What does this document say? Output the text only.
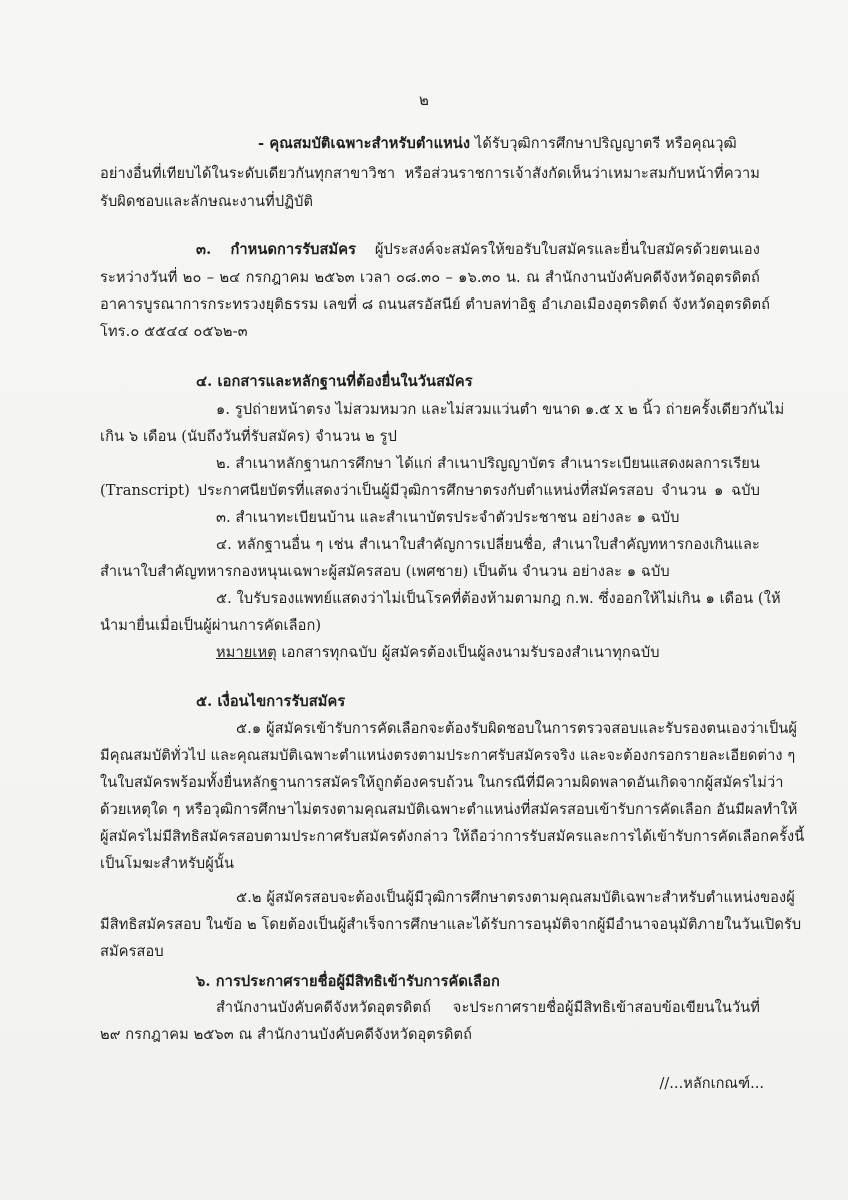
๒
- คุณสมบัติเฉพาะสำหรับตำแหน่ง ได้รับวุฒิการศึกษาปริญญาตรี หรือคุณวุฒิ
อย่างอื่นที่เทียบได้ในระดับเดียวกันทุกสาขาวิชา หรือส่วนราชการเจ้าสังกัดเห็นว่าเหมาะสมกับหน้าที่ความ
รับผิดชอบและลักษณะงานที่ปฏิบัติ
๓. กำหนดการรับสมัคร ผู้ประสงค์จะสมัครให้ขอรับใบสมัครและยื่นใบสมัครด้วยตนเอง
ระหว่างวันที่ ๒๐ – ๒๔ กรกฎาคม ๒๕๖๓ เวลา ๐๘.๓๐ – ๑๖.๓๐ น. ณ สำนักงานบังคับคดีจังหวัดอุตรดิตถ์
อาคารบูรณาการกระทรวงยุติธรรม เลขที่ ๘ ถนนสรอัสนีย์ ตำบลท่าอิฐ อำเภอเมืองอุตรดิตถ์ จังหวัดอุตรดิตถ์
โทร.๐ ๕๕๔๔ ๐๕๖๒-๓
๔. เอกสารและหลักฐานที่ต้องยื่นในวันสมัคร
๑. รูปถ่ายหน้าตรง ไม่สวมหมวก และไม่สวมแว่นตำ ขนาด ๑.๕ x ๒ นิ้ว ถ่ายครั้งเดียวกันไม่
เกิน ๖ เดือน (นับถึงวันที่รับสมัคร) จำนวน ๒ รูป
๒. สำเนาหลักฐานการศึกษา ได้แก่ สำเนาปริญญาบัตร สำเนาระเบียนแสดงผลการเรียน
(Transcript) ประกาศนียบัตรที่แสดงว่าเป็นผู้มีวุฒิการศึกษาตรงกับตำแหน่งที่สมัครสอบ จำนวน ๑ ฉบับ
๓. สำเนาทะเบียนบ้าน และสำเนาบัตรประจำตัวประชาชน อย่างละ ๑ ฉบับ
๔. หลักฐานอื่น ๆ เช่น สำเนาใบสำคัญการเปลี่ยนชื่อ, สำเนาใบสำคัญทหารกองเกินและ
สำเนาใบสำคัญทหารกองหนุนเฉพาะผู้สมัครสอบ (เพศชาย) เป็นต้น จำนวน อย่างละ ๑ ฉบับ
๕. ใบรับรองแพทย์แสดงว่าไม่เป็นโรคที่ต้องห้ามตามกฎ ก.พ. ซึ่งออกให้ไม่เกิน ๑ เดือน (ให้
นำมายื่นเมื่อเป็นผู้ผ่านการคัดเลือก)
หมายเหตุ เอกสารทุกฉบับ ผู้สมัครต้องเป็นผู้ลงนามรับรองสำเนาทุกฉบับ
๕. เงื่อนไขการรับสมัคร
๕.๑ ผู้สมัครเข้ารับการคัดเลือกจะต้องรับผิดชอบในการตรวจสอบและรับรองตนเองว่าเป็นผู้
มีคุณสมบัติทั่วไป และคุณสมบัติเฉพาะตำแหน่งตรงตามประกาศรับสมัครจริง และจะต้องกรอกรายละเอียดต่าง ๆ
ในใบสมัครพร้อมทั้งยื่นหลักฐานการสมัครให้ถูกต้องครบถ้วน ในกรณีที่มีความผิดพลาดอันเกิดจากผู้สมัครไม่ว่า
ด้วยเหตุใด ๆ หรือวุฒิการศึกษาไม่ตรงตามคุณสมบัติเฉพาะตำแหน่งที่สมัครสอบเข้ารับการคัดเลือก อันมีผลทำให้
ผู้สมัครไม่มีสิทธิสมัครสอบตามประกาศรับสมัครดังกล่าว ให้ถือว่าการรับสมัครและการได้เข้ารับการคัดเลือกครั้งนี้
เป็นโมฆะสำหรับผู้นั้น
๕.๒ ผู้สมัครสอบจะต้องเป็นผู้มีวุฒิการศึกษาตรงตามคุณสมบัติเฉพาะสำหรับตำแหน่งของผู้
มีสิทธิสมัครสอบ ในข้อ ๒ โดยต้องเป็นผู้สำเร็จการศึกษาและได้รับการอนุมัติจากผู้มีอำนาจอนุมัติภายในวันเปิดรับ
สมัครสอบ
๖. การประกาศรายชื่อผู้มีสิทธิเข้ารับการคัดเลือก
สำนักงานบังคับคดีจังหวัดอุตรดิตถ์ จะประกาศรายชื่อผู้มีสิทธิเข้าสอบข้อเขียนในวันที่
๒๙ กรกฎาคม ๒๕๖๓ ณ สำนักงานบังคับคดีจังหวัดอุตรดิตถ์
//...หลักเกณฑ์...
